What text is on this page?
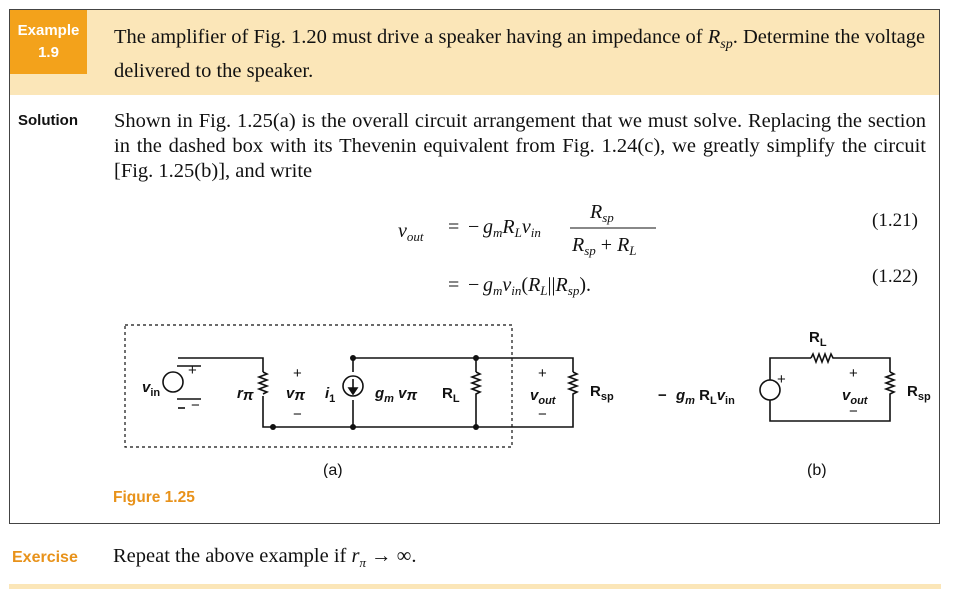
Example
1.9
The amplifier of Fig. 1.20 must drive a speaker having an impedance of $R_{sp}$. Determine the voltage delivered to the speaker.
Solution Shown in Fig. 1.25(a) is the overall circuit arrangement that we must solve. Replacing the section in the dashed box with its Thevenin equivalent from Fig. 1.24(c), we greatly simplify the circuit [Fig. 1.25(b)], and write
$v_{out}$ = − $g_mR_Lv_{in}$
$R_{sp}$
$R_{sp} + R_L$
= − $g_mv_{in}(R_L||R_{sp})$.
(1.21)
(1.22)
$v_{in}$
+
−
rπ
+
vπ
−
$i_1$	$g_m$ vπ $R_L$
+
$v_{out}$
−
$R_{sp}$	− $g_m$ $R_Lv_{in}$
+
$R_L$
+
$v_{out}$
−
$R_{sp}$
(a)	(b)
Figure 1.25
Exercise Repeat the above example if $r_\pi$ → ∞.
